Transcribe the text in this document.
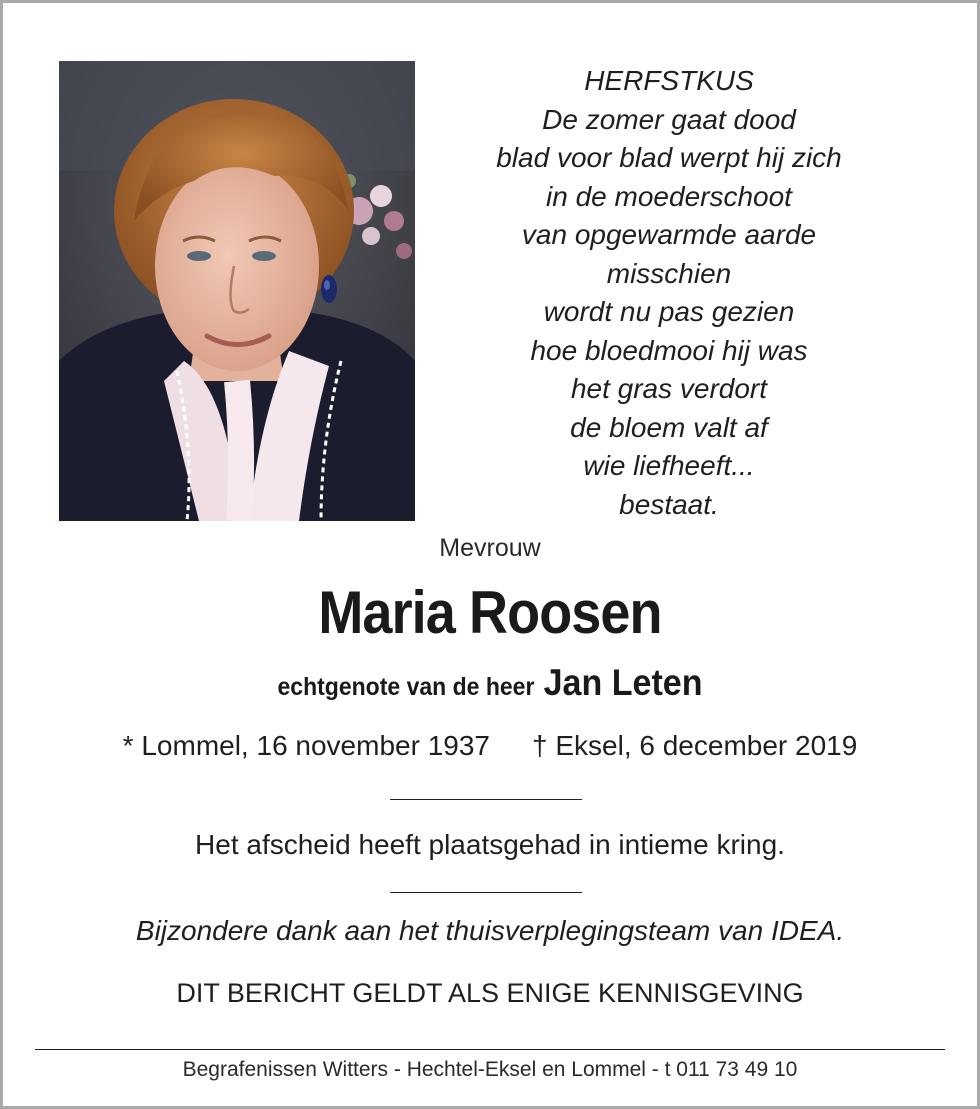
HERFSTKUS
De zomer gaat dood
blad voor blad werpt hij zich
in de moederschoot
van opgewarmde aarde
misschien
wordt nu pas gezien
hoe bloedmooi hij was
het gras verdort
de bloem valt af
wie liefheeft...
bestaat.
Mevrouw
Maria Roosen
echtgenote van de heer Jan Leten
* Lommel, 16 november 1937 † Eksel, 6 december 2019
Het afscheid heeft plaatsgehad in intieme kring.
Bijzondere dank aan het thuisverplegingsteam van IDEA.
DIT BERICHT GELDT ALS ENIGE KENNISGEVING
Begrafenissen Witters - Hechtel-Eksel en Lommel - t 011 73 49 10
